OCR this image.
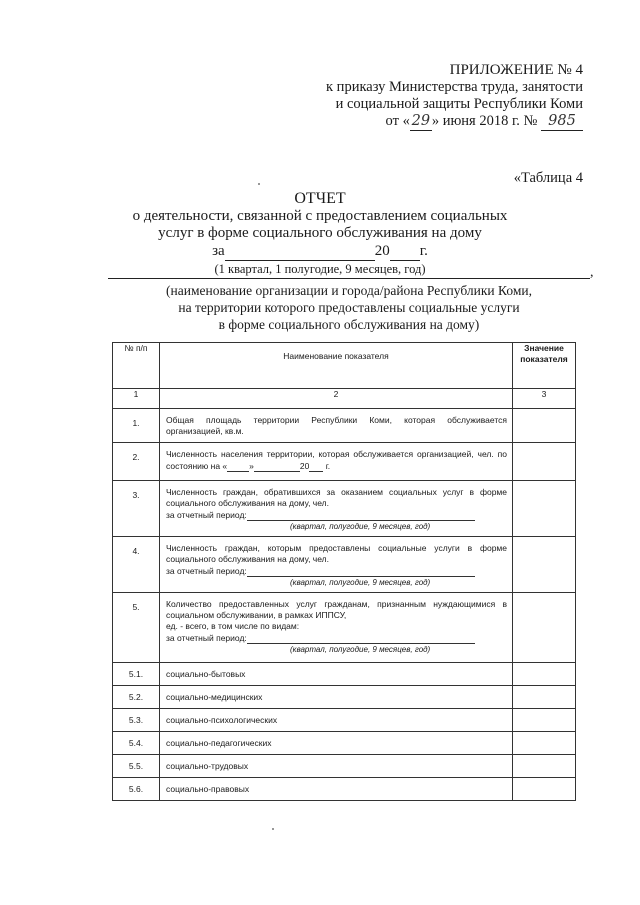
ПРИЛОЖЕНИЕ № 4
к приказу Министерства труда, занятости
и социальной защиты Республики Коми
от « 29 » июня 2018 г. № 985
«Таблица 4
ОТЧЕТ
о деятельности, связанной с предоставлением социальных
услуг в форме социального обслуживания на дому
за	20 г.
(1 квартал, 1 полугодие, 9 месяцев, год)	,
(наименование организации и города/района Республики Коми,
на территории которого предоставлены социальные услуги
в форме социального обслуживания на дому)
№ п/п	Наименование показателя	Значение
показателя

1	2	3
1.	Общая площадь территории Республики Коми, которая обслуживается организацией, кв.м.	
2.	Численность населения территории, которая обслуживается организацией, чел. по состоянию на « » 20 г.	
3.	Численность граждан, обратившихся за оказанием социальных услуг в форме социального обслуживания на дому, чел.
за отчетный период:
(квартал, полугодие, 9 месяцев, год)	

4.	Численность граждан, которым предоставлены социальные услуги в форме социального обслуживания на дому, чел.
за отчетный период:
(квартал, полугодие, 9 месяцев, год)	

5.	Количество предоставленных услуг гражданам, признанным нуждающимися в социальном обслуживании, в рамках ИППСУ,
ед. - всего, в том числе по видам:
за отчетный период:
(квартал, полугодие, 9 месяцев, год)	

5.1.	социально-бытовых	
5.2.	социально-медицинских	
5.3.	социально-психологических	
5.4.	социально-педагогических	
5.5.	социально-трудовых	
5.6.	социально-правовых	
